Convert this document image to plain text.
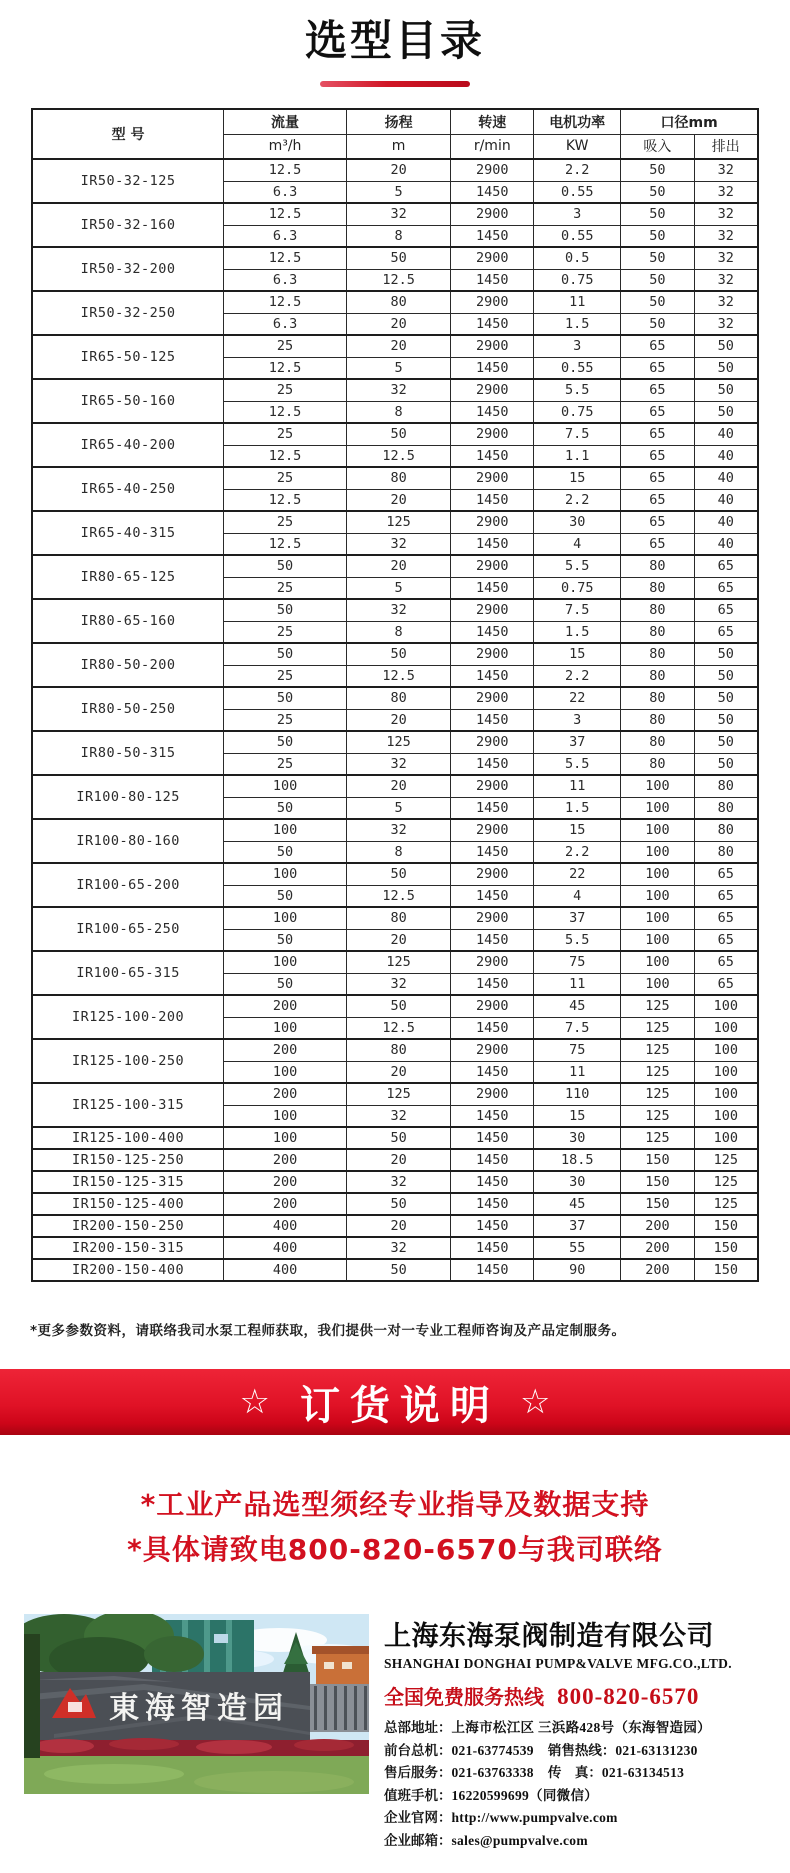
选型目录
型 号	流量	扬程	转速	电机功率	口径mm	
	m³/h	m	r/min	KW	吸入	排出
IR50-32-125	12.5	20	2900	2.2	50	32
	6.3	5	1450	0.55	50	32
IR50-32-160	12.5	32	2900	3	50	32
	6.3	8	1450	0.55	50	32
IR50-32-200	12.5	50	2900	0.5	50	32
	6.3	12.5	1450	0.75	50	32
IR50-32-250	12.5	80	2900	11	50	32
	6.3	20	1450	1.5	50	32
IR65-50-125	25	20	2900	3	65	50
	12.5	5	1450	0.55	65	50
IR65-50-160	25	32	2900	5.5	65	50
	12.5	8	1450	0.75	65	50
IR65-40-200	25	50	2900	7.5	65	40
	12.5	12.5	1450	1.1	65	40
IR65-40-250	25	80	2900	15	65	40
	12.5	20	1450	2.2	65	40
IR65-40-315	25	125	2900	30	65	40
	12.5	32	1450	4	65	40
IR80-65-125	50	20	2900	5.5	80	65
	25	5	1450	0.75	80	65
IR80-65-160	50	32	2900	7.5	80	65
	25	8	1450	1.5	80	65
IR80-50-200	50	50	2900	15	80	50
	25	12.5	1450	2.2	80	50
IR80-50-250	50	80	2900	22	80	50
	25	20	1450	3	80	50
IR80-50-315	50	125	2900	37	80	50
	25	32	1450	5.5	80	50
IR100-80-125	100	20	2900	11	100	80
	50	5	1450	1.5	100	80
IR100-80-160	100	32	2900	15	100	80
	50	8	1450	2.2	100	80
IR100-65-200	100	50	2900	22	100	65
	50	12.5	1450	4	100	65
IR100-65-250	100	80	2900	37	100	65
	50	20	1450	5.5	100	65
IR100-65-315	100	125	2900	75	100	65
	50	32	1450	11	100	65
IR125-100-200	200	50	2900	45	125	100
	100	12.5	1450	7.5	125	100
IR125-100-250	200	80	2900	75	125	100
	100	20	1450	11	125	100
IR125-100-315	200	125	2900	110	125	100
	100	32	1450	15	125	100
IR125-100-400	100	50	1450	30	125	100
IR150-125-250	200	20	1450	18.5	150	125
IR150-125-315	200	32	1450	30	150	125
IR150-125-400	200	50	1450	45	150	125
IR200-150-250	400	20	1450	37	200	150
IR200-150-315	400	32	1450	55	200	150
IR200-150-400	400	50	1450	90	200	150
*更多参数资料，请联络我司水泵工程师获取，我们提供一对一专业工程师咨询及产品定制服务。
☆ 订货说明 ☆
*工业产品选型须经专业指导及数据支持
*具体请致电800-820-6570与我司联络
東海智造园
上海东海泵阀制造有限公司
SHANGHAI DONGHAI PUMP&VALVE MFG.CO.,LTD.
全国免费服务热线 800-820-6570
总部地址：上海市松江区 三浜路428号（东海智造园）
前台总机：021-63774539 销售热线：021-63131230
售后服务：021-63763338 传　真：021-63134513
值班手机：16220599699（同微信）
企业官网：http://www.pumpvalve.com
企业邮箱：sales@pumpvalve.com
